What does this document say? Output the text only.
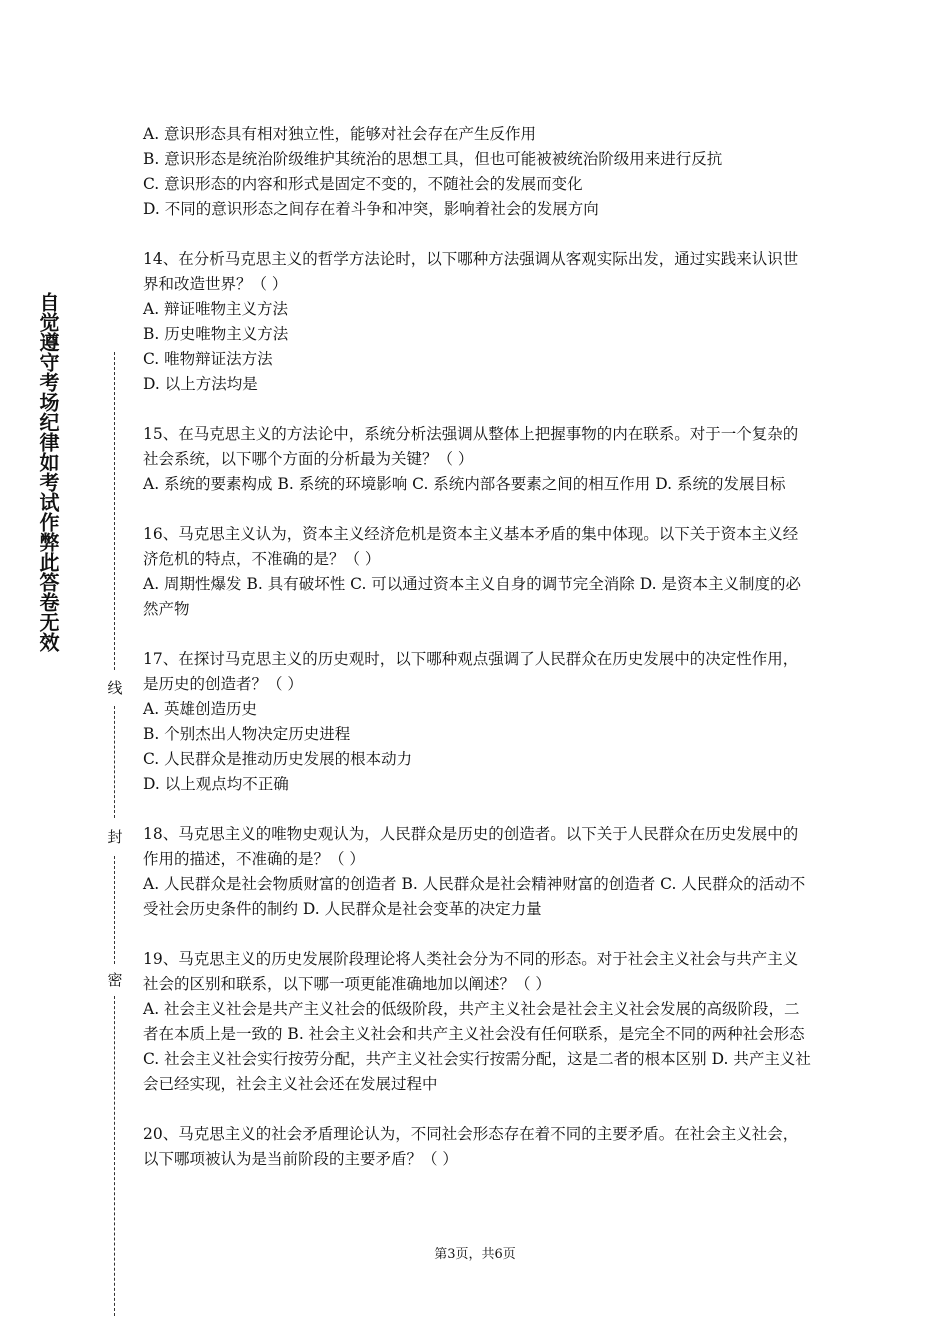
自觉遵守考场纪律如考试作弊此答卷无效
线
封
密

A. 意识形态具有相对独立性，能够对社会存在产生反作用

B. 意识形态是统治阶级维护其统治的思想工具，但也可能被被统治阶级用来进行反抗

C. 意识形态的内容和形式是固定不变的，不随社会的发展而变化

D. 不同的意识形态之间存在着斗争和冲突，影响着社会的发展方向

14、在分析马克思主义的哲学方法论时，以下哪种方法强调从客观实际出发，通过实践来认识世界和改造世界？（ ）

A. 辩证唯物主义方法

B. 历史唯物主义方法

C. 唯物辩证法方法

D. 以上方法均是

15、在马克思主义的方法论中，系统分析法强调从整体上把握事物的内在联系。对于一个复杂的社会系统，以下哪个方面的分析最为关键？（ ）

A. 系统的要素构成 B. 系统的环境影响 C. 系统内部各要素之间的相互作用 D. 系统的发展目标

16、马克思主义认为，资本主义经济危机是资本主义基本矛盾的集中体现。以下关于资本主义经济危机的特点，不准确的是？（ ）

A. 周期性爆发 B. 具有破坏性 C. 可以通过资本主义自身的调节完全消除 D. 是资本主义制度的必然产物

17、在探讨马克思主义的历史观时，以下哪种观点强调了人民群众在历史发展中的决定性作用，是历史的创造者？（ ）

A. 英雄创造历史

B. 个别杰出人物决定历史进程

C. 人民群众是推动历史发展的根本动力

D. 以上观点均不正确

18、马克思主义的唯物史观认为，人民群众是历史的创造者。以下关于人民群众在历史发展中的作用的描述，不准确的是？（ ）

A. 人民群众是社会物质财富的创造者 B. 人民群众是社会精神财富的创造者 C. 人民群众的活动不受社会历史条件的制约 D. 人民群众是社会变革的决定力量

19、马克思主义的历史发展阶段理论将人类社会分为不同的形态。对于社会主义社会与共产主义社会的区别和联系，以下哪一项更能准确地加以阐述？（ ）

A. 社会主义社会是共产主义社会的低级阶段，共产主义社会是社会主义社会发展的高级阶段，二者在本质上是一致的 B. 社会主义社会和共产主义社会没有任何联系，是完全不同的两种社会形态 C. 社会主义社会实行按劳分配，共产主义社会实行按需分配，这是二者的根本区别 D. 共产主义社会已经实现，社会主义社会还在发展过程中

20、马克思主义的社会矛盾理论认为，不同社会形态存在着不同的主要矛盾。在社会主义社会，以下哪项被认为是当前阶段的主要矛盾？（ ）

第3页，共6页
